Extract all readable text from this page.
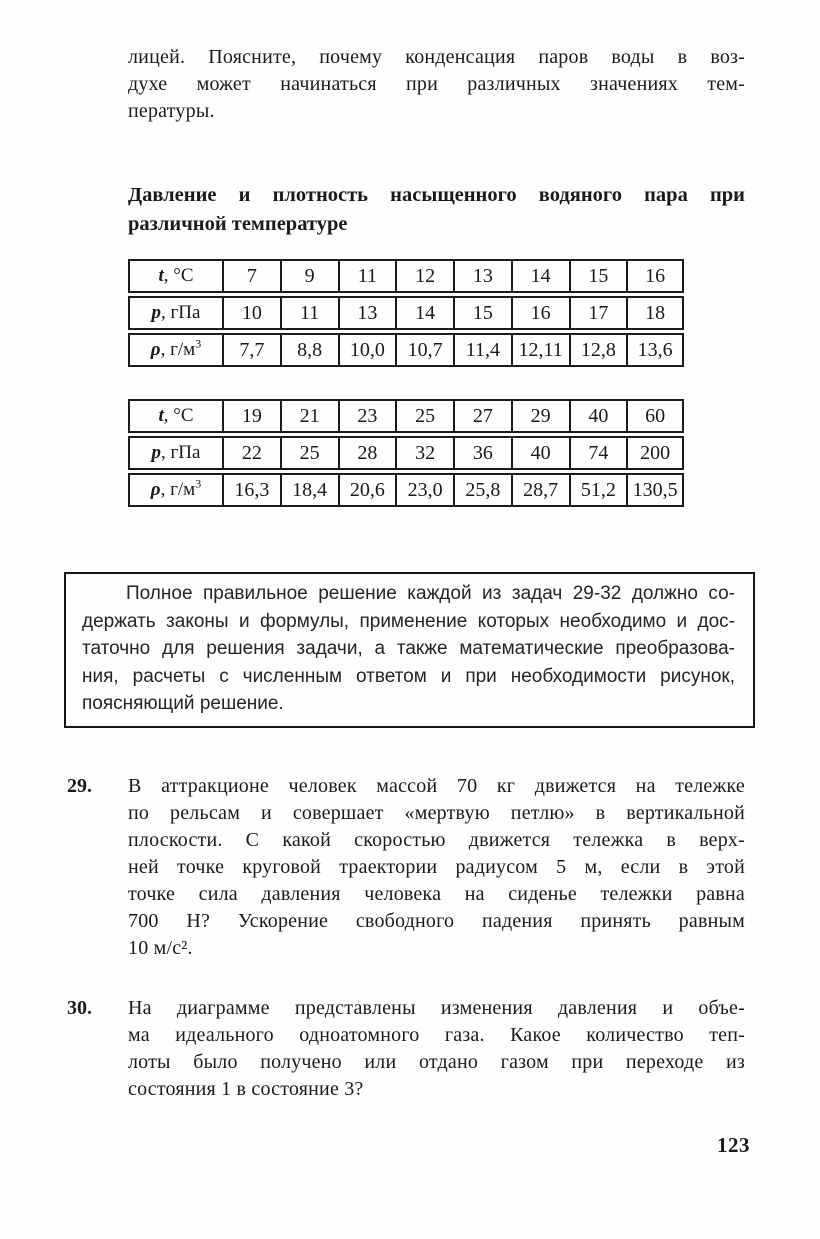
лицей. Поясните, почему конденсация паров воды в воз-
духе может начинаться при различных значениях тем-
пературы.
Давление и плотность насыщенного водяного пара при
различной температуре
t, °C	7	9	11	12	13	14	15	16
p, гПа	10	11	13	14	15	16	17	18
ρ, $г/м^3$	7,7	8,8	10,0	10,7	11,4	12,11	12,8	13,6
t, °C	19	21	23	25	27	29	40	60
p, гПа	22	25	28	32	36	40	74	200
ρ, $г/м^3$	16,3	18,4	20,6	23,0	25,8	28,7	51,2	130,5
Полное правильное решение каждой из задач 29-32 должно со-
держать законы и формулы, применение которых необходимо и дос-
таточно для решения задачи, а также математические преобразова-
ния, расчеты с численным ответом и при необходимости рисунок,
поясняющий решение.
29.	В аттракционе человек массой 70 кг движется на тележке
по рельсам и совершает «мертвую петлю» в вертикальной
плоскости. С какой скоростью движется тележка в верх-
ней точке круговой траектории радиусом 5 м, если в этой
точке сила давления человека на сиденье тележки равна
700 Н? Ускорение свободного падения принять равным
10 м/с².
30.	На диаграмме представлены изменения давления и объе-
ма идеального одноатомного газа. Какое количество теп-
лоты было получено или отдано газом при переходе из
состояния 1 в состояние 3?
123
